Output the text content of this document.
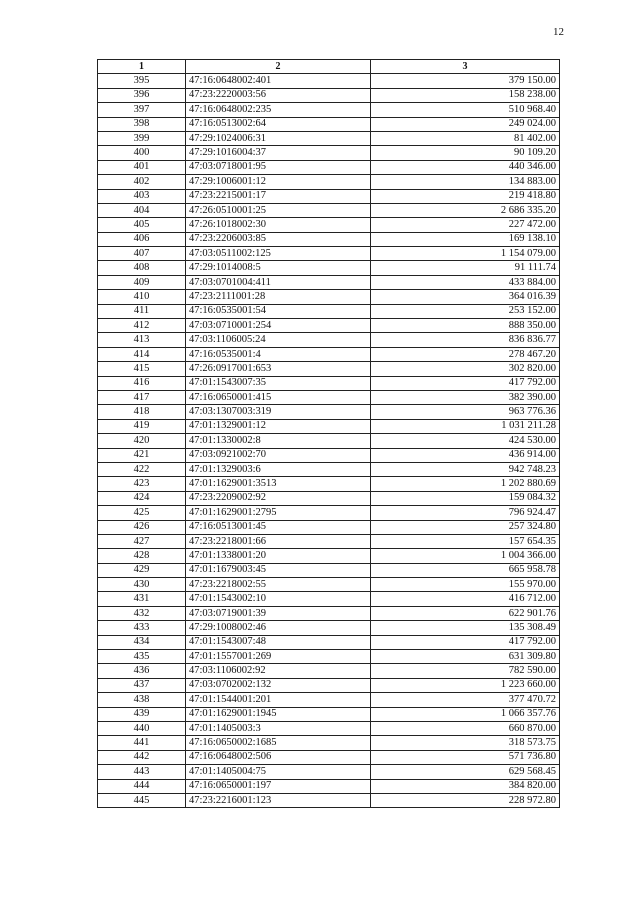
12
1	2	3
395	47:16:0648002:401	379 150.00
396	47:23:2220003:56	158 238.00
397	47:16:0648002:235	510 968.40
398	47:16:0513002:64	249 024.00
399	47:29:1024006:31	81 402.00
400	47:29:1016004:37	90 109.20
401	47:03:0718001:95	440 346.00
402	47:29:1006001:12	134 883.00
403	47:23:2215001:17	219 418.80
404	47:26:0510001:25	2 686 335.20
405	47:26:1018002:30	227 472.00
406	47:23:2206003:85	169 138.10
407	47:03:0511002:125	1 154 079.00
408	47:29:1014008:5	91 111.74
409	47:03:0701004:411	433 884.00
410	47:23:2111001:28	364 016.39
411	47:16:0535001:54	253 152.00
412	47:03:0710001:254	888 350.00
413	47:03:1106005:24	836 836.77
414	47:16:0535001:4	278 467.20
415	47:26:0917001:653	302 820.00
416	47:01:1543007:35	417 792.00
417	47:16:0650001:415	382 390.00
418	47:03:1307003:319	963 776.36
419	47:01:1329001:12	1 031 211.28
420	47:01:1330002:8	424 530.00
421	47:03:0921002:70	436 914.00
422	47:01:1329003:6	942 748.23
423	47:01:1629001:3513	1 202 880.69
424	47:23:2209002:92	159 084.32
425	47:01:1629001:2795	796 924.47
426	47:16:0513001:45	257 324.80
427	47:23:2218001:66	157 654.35
428	47:01:1338001:20	1 004 366.00
429	47:01:1679003:45	665 958.78
430	47:23:2218002:55	155 970.00
431	47:01:1543002:10	416 712.00
432	47:03:0719001:39	622 901.76
433	47:29:1008002:46	135 308.49
434	47:01:1543007:48	417 792.00
435	47:01:1557001:269	631 309.80
436	47:03:1106002:92	782 590.00
437	47:03:0702002:132	1 223 660.00
438	47:01:1544001:201	377 470.72
439	47:01:1629001:1945	1 066 357.76
440	47:01:1405003:3	660 870.00
441	47:16:0650002:1685	318 573.75
442	47:16:0648002:506	571 736.80
443	47:01:1405004:75	629 568.45
444	47:16:0650001:197	384 820.00
445	47:23:2216001:123	228 972.80
